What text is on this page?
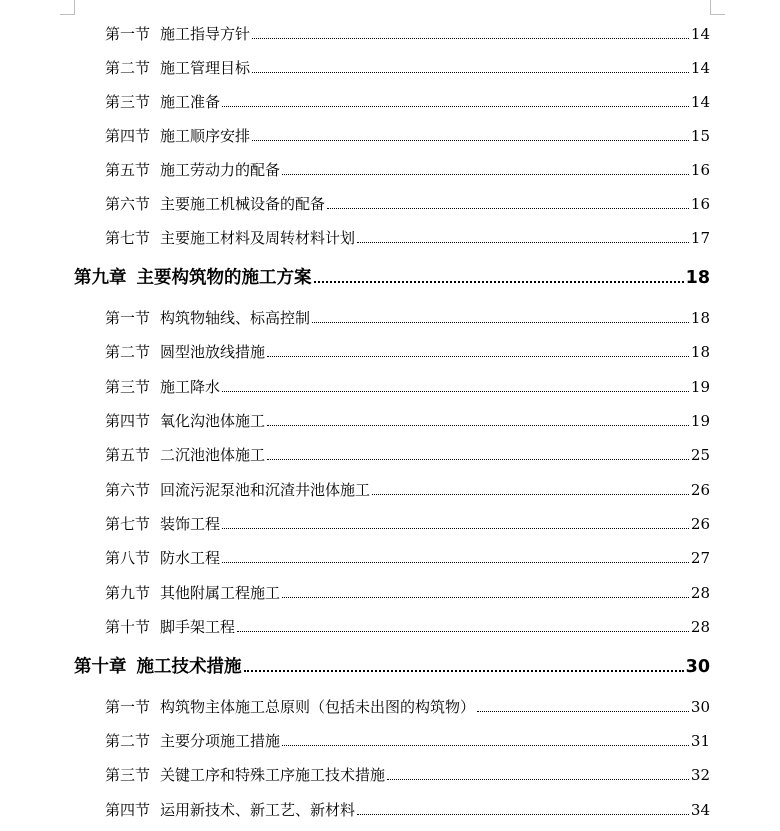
第一节 施工指导方针	14
第二节 施工管理目标	14
第三节 施工准备	14
第四节 施工顺序安排	15
第五节 施工劳动力的配备	16
第六节 主要施工机械设备的配备	16
第七节 主要施工材料及周转材料计划	17
第九章 主要构筑物的施工方案	18
第一节 构筑物轴线、标高控制	18
第二节 圆型池放线措施	18
第三节 施工降水	19
第四节 氧化沟池体施工	19
第五节 二沉池池体施工	25
第六节 回流污泥泵池和沉渣井池体施工	26
第七节 装饰工程	26
第八节 防水工程	27
第九节 其他附属工程施工	28
第十节 脚手架工程	28
第十章 施工技术措施	30
第一节 构筑物主体施工总原则（包括未出图的构筑物）	30
第二节 主要分项施工措施	31
第三节 关键工序和特殊工序施工技术措施	32
第四节 运用新技术、新工艺、新材料	34
